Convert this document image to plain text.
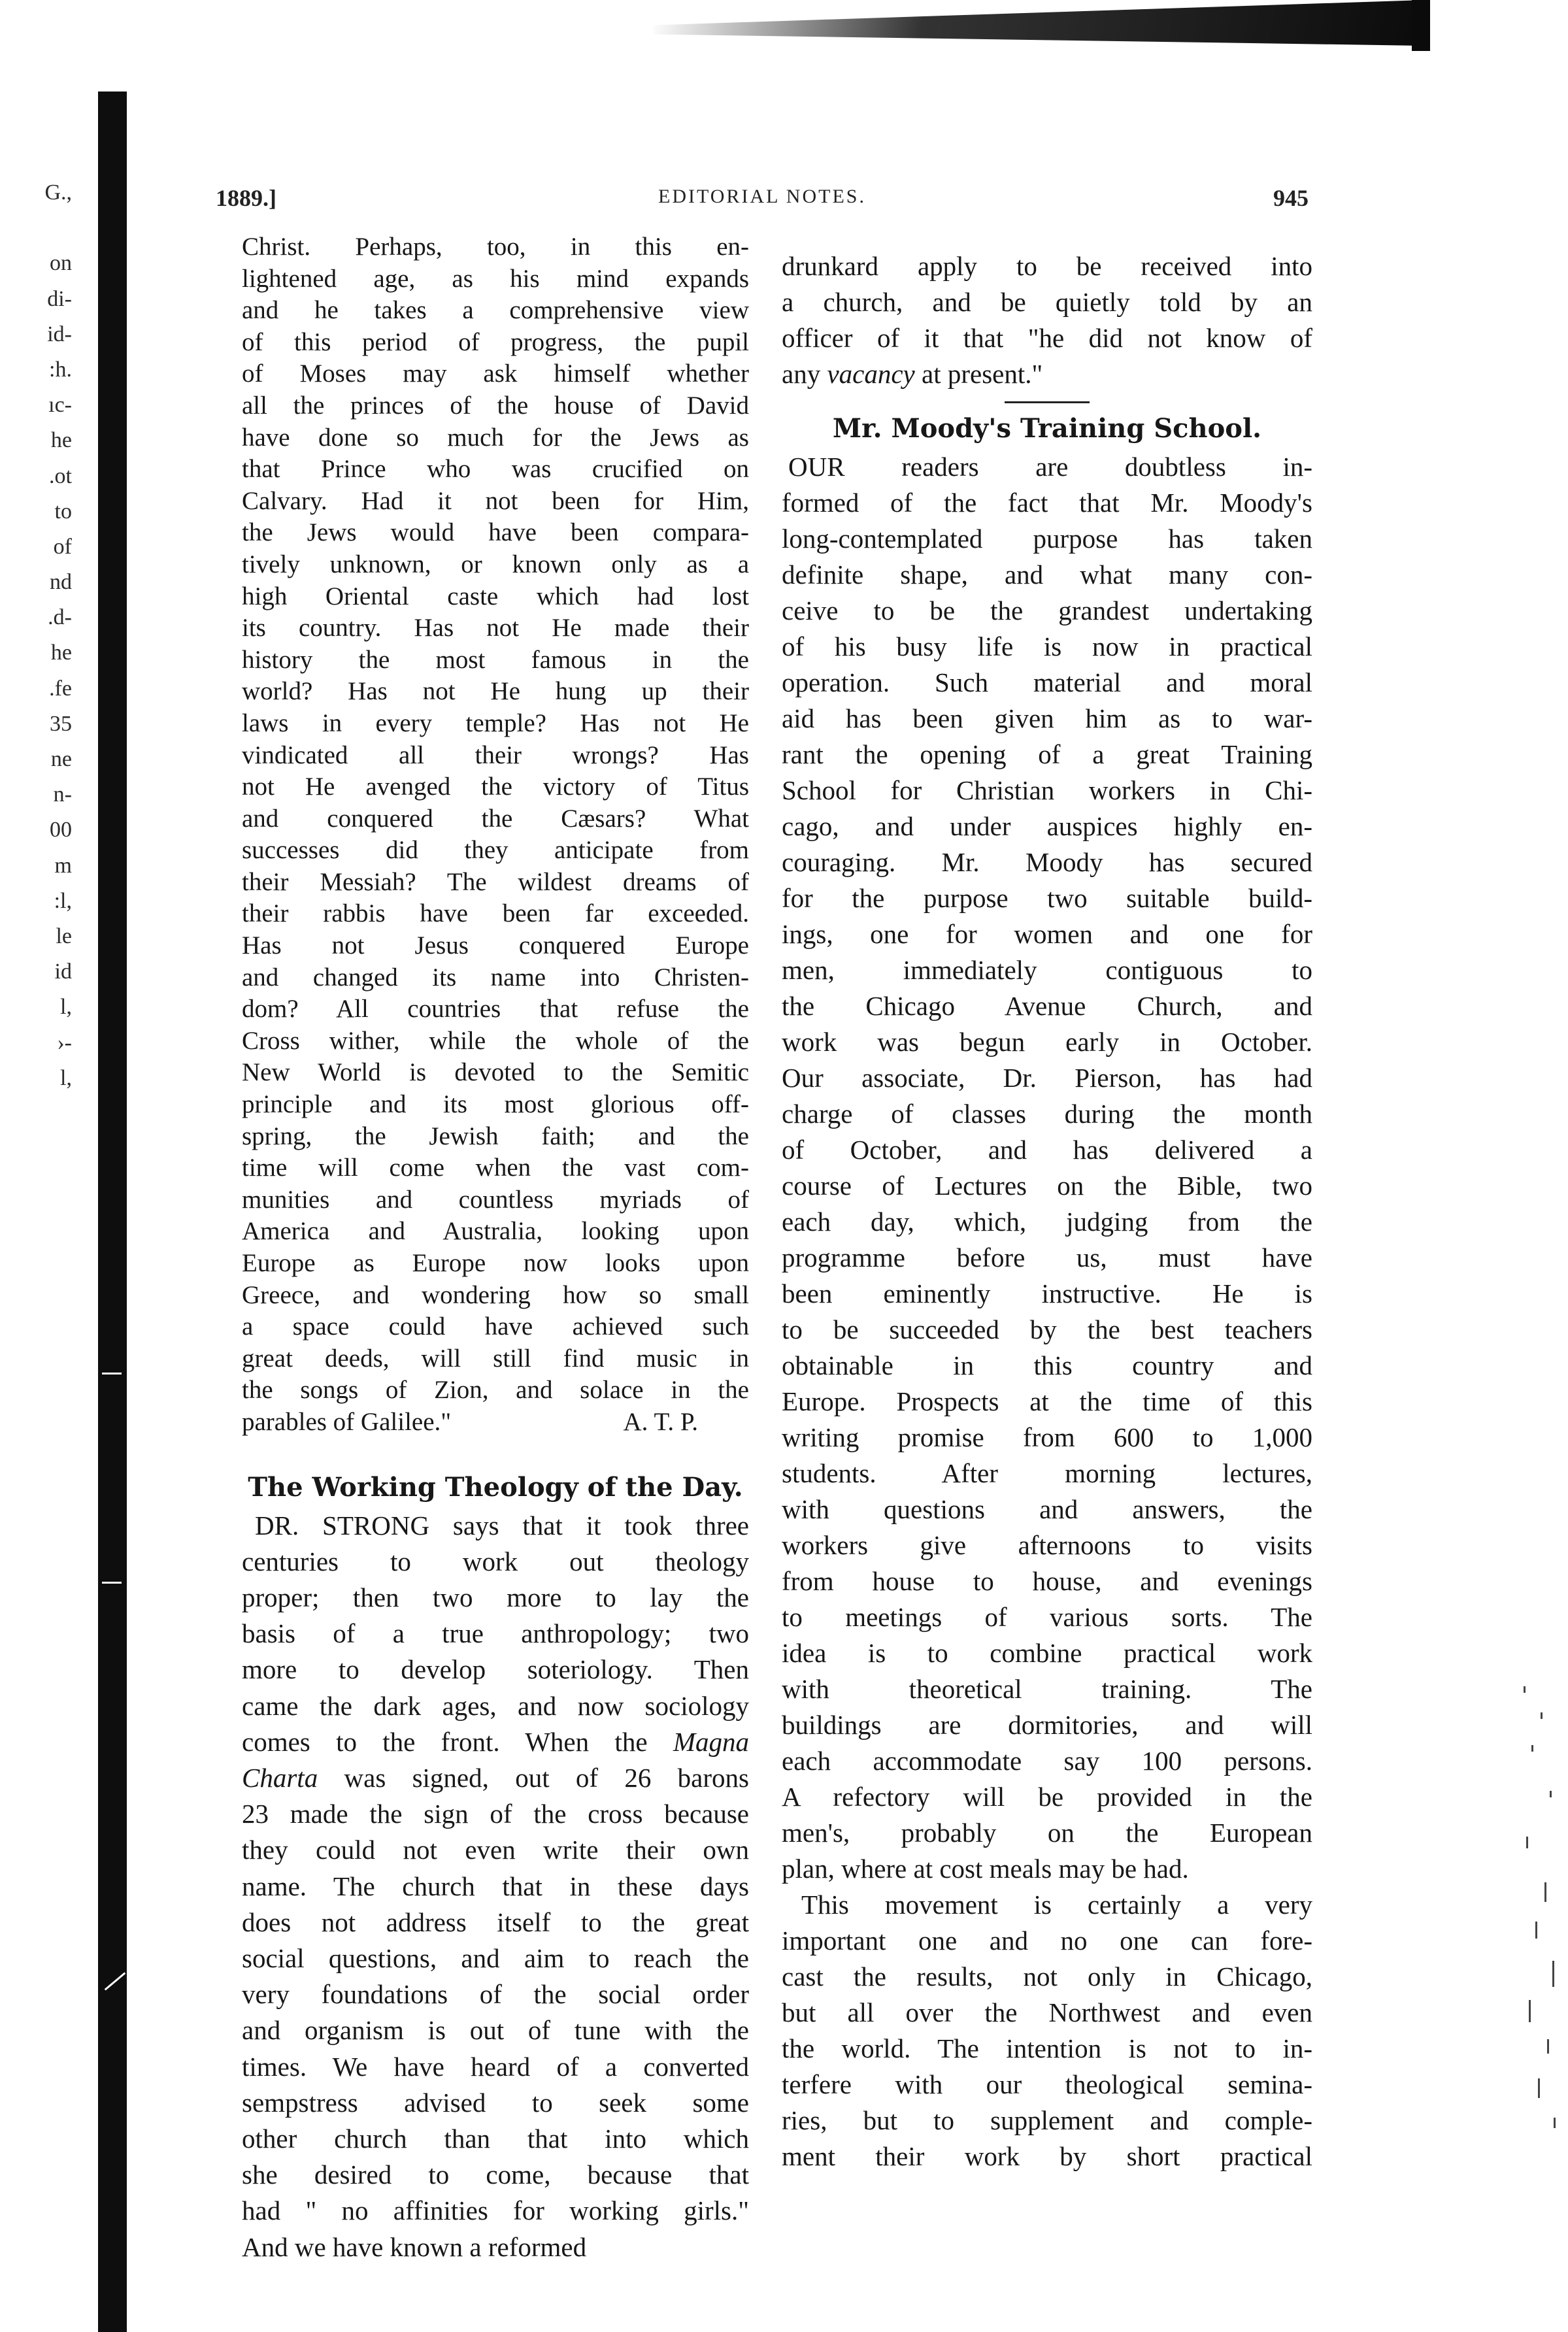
G.,
on
di-
id-
:h.
ıc-
he
.ot
to
of
nd
.d-
he
.fe
35
ne
n-
00
m
:l,
le
id
l,
›-
l,
1889.]	EDITORIAL NOTES.	945
Christ. Perhaps, too, in this en-
lightened age, as his mind expands
and he takes a comprehensive view
of this period of progress, the pupil
of Moses may ask himself whether
all the princes of the house of David
have done so much for the Jews as
that Prince who was crucified on
Calvary. Had it not been for Him,
the Jews would have been compara-
tively unknown, or known only as a
high Oriental caste which had lost
its country. Has not He made their
history the most famous in the
world? Has not He hung up their
laws in every temple? Has not He
vindicated all their wrongs? Has
not He avenged the victory of Titus
and conquered the Cæsars? What
successes did they anticipate from
their Messiah? The wildest dreams of
their rabbis have been far exceeded.
Has not Jesus conquered Europe
and changed its name into Christen-
dom? All countries that refuse the
Cross wither, while the whole of the
New World is devoted to the Semitic
principle and its most glorious off-
spring, the Jewish faith; and the
time will come when the vast com-
munities and countless myriads of
America and Australia, looking upon
Europe as Europe now looks upon
Greece, and wondering how so small
a space could have achieved such
great deeds, will still find music in
the songs of Zion, and solace in the
parables of Galilee."	A. T. P.
The Working Theology of the Day.
DR. STRONG says that it took three
centuries to work out theology
proper; then two more to lay the
basis of a true anthropology; two
more to develop soteriology. Then
came the dark ages, and now sociology
comes to the front. When the Magna
Charta was signed, out of 26 barons
23 made the sign of the cross because
they could not even write their own
name. The church that in these days
does not address itself to the great
social questions, and aim to reach the
very foundations of the social order
and organism is out of tune with the
times. We have heard of a converted
sempstress advised to seek some
other church than that into which
she desired to come, because that
had " no affinities for working girls."
And we have known a reformed
drunkard apply to be received into
a church, and be quietly told by an
officer of it that "he did not know of
any vacancy at present."
Mr. Moody's Training School.
OUR readers are doubtless in-
formed of the fact that Mr. Moody's
long-contemplated purpose has taken
definite shape, and what many con-
ceive to be the grandest undertaking
of his busy life is now in practical
operation. Such material and moral
aid has been given him as to war-
rant the opening of a great Training
School for Christian workers in Chi-
cago, and under auspices highly en-
couraging. Mr. Moody has secured
for the purpose two suitable build-
ings, one for women and one for
men, immediately contiguous to
the Chicago Avenue Church, and
work was begun early in October.
Our associate, Dr. Pierson, has had
charge of classes during the month
of October, and has delivered a
course of Lectures on the Bible, two
each day, which, judging from the
programme before us, must have
been eminently instructive. He is
to be succeeded by the best teachers
obtainable in this country and
Europe. Prospects at the time of this
writing promise from 600 to 1,000
students. After morning lectures,
with questions and answers, the
workers give afternoons to visits
from house to house, and evenings
to meetings of various sorts. The
idea is to combine practical work
with theoretical training. The
buildings are dormitories, and will
each accommodate say 100 persons.
A refectory will be provided in the
men's, probably on the European
plan, where at cost meals may be had.
This movement is certainly a very
important one and no one can fore-
cast the results, not only in Chicago,
but all over the Northwest and even
the world. The intention is not to in-
terfere with our theological semina-
ries, but to supplement and comple-
ment their work by short practical
